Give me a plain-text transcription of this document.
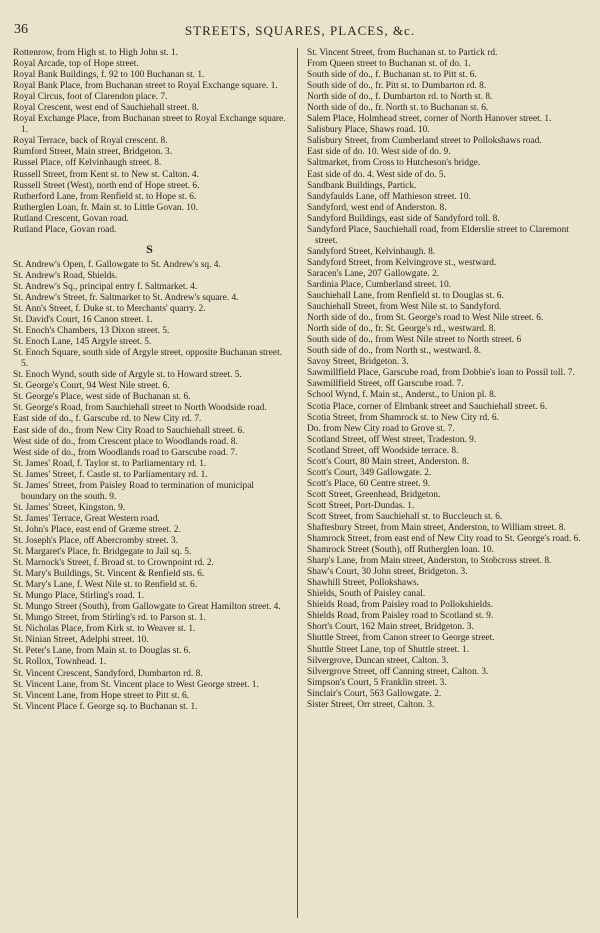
36	STREETS, SQUARES, PLACES, &c.
Rottenrow, from High st. to High John st. 1.
Royal Arcade, top of Hope street.
Royal Bank Buildings, f. 92 to 100 Buchanan st. 1.
Royal Bank Place, from Buchanan street to Royal Exchange square. 1.
Royal Circus, foot of Clarendon place. 7.
Royal Crescent, west end of Sauchiehall street. 8.
Royal Exchange Place, from Buchanan street to Royal Exchange square. 1.
Royal Terrace, back of Royal crescent. 8.
Rumford Street, Main street, Bridgeton. 3.
Russel Place, off Kelvinhaugh street. 8.
Russell Street, from Kent st. to New st. Calton. 4.
Russell Street (West), north end of Hope street. 6.
Rutherford Lane, from Renfield st. to Hope st. 6.
Rutherglen Loan, fr. Main st. to Little Govan. 10.
Rutland Crescent, Govan road.
Rutland Place, Govan road.
S
St. Andrew's Open, f. Gallowgate to St. Andrew's sq. 4.
St. Andrew's Road, Shields.
St. Andrew's Sq., principal entry f. Saltmarket. 4.
St. Andrew's Street, fr. Saltmarket to St. Andrew's square. 4.
St. Ann's Street, f. Duke st. to Merchants' quarry. 2.
St. David's Court, 16 Canon street. 1.
St. Enoch's Chambers, 13 Dixon street. 5.
St. Enoch Lane, 145 Argyle street. 5.
St. Enoch Square, south side of Argyle street, opposite Buchanan street. 5.
St. Enoch Wynd, south side of Argyle st. to Howard street. 5.
St. George's Court, 94 West Nile street. 6.
St. George's Place, west side of Buchanan st. 6.
St. George's Road, from Sauchiehall street to North Woodside road.
East side of do., f. Garscube rd. to New City rd. 7.
East side of do., from New City Road to Sauchiehall street. 6.
West side of do., from Crescent place to Woodlands road. 8.
West side of do., from Woodlands road to Garscube road. 7.
St. James' Road, f. Taylor st. to Parliamentary rd. 1.
St. James' Street, f. Castle st. to Parliamentary rd. 1.
St. James' Street, from Paisley Road to termination of municipal boundary on the south. 9.
St. James' Street, Kingston. 9.
St. James' Terrace, Great Western road.
St. John's Place, east end of Græme street. 2.
St. Joseph's Place, off Abercromby street. 3.
St. Margaret's Place, fr. Bridgegate to Jail sq. 5.
St. Marnock's Street, f. Broad st. to Crownpoint rd. 2.
St. Mary's Buildings, St. Vincent & Renfield sts. 6.
St. Mary's Lane, f. West Nile st. to Renfield st. 6.
St. Mungo Place, Stirling's road. 1.
St. Mungo Street (South), from Gallowgate to Great Hamilton street. 4.
St. Mungo Street, from Stirling's rd. to Parson st. 1.
St. Nicholas Place, from Kirk st. to Weaver st. 1.
St. Ninian Street, Adelphi street. 10.
St. Peter's Lane, from Main st. to Douglas st. 6.
St. Rollox, Townhead. 1.
St. Vincent Crescent, Sandyford, Dumbarton rd. 8.
St. Vincent Lane, from St. Vincent place to West George street. 1.
St. Vincent Lane, from Hope street to Pitt st. 6.
St. Vincent Place f. George sq. to Buchanan st. 1.
St. Vincent Street, from Buchanan st. to Partick rd.
From Queen street to Buchanan st. of do. 1.
South side of do., f. Buchanan st. to Pitt st. 6.
South side of do., fr. Pitt st. to Dumbarton rd. 8.
North side of do., f. Dumbarton rd. to North st. 8.
North side of do., fr. North st. to Buchanan st. 6.
Salem Place, Holmhead street, corner of North Hanover street. 1.
Salisbury Place, Shaws road. 10.
Salisbury Street, from Cumberland street to Pollokshaws road.
East side of do. 10. West side of do. 9.
Saltmarket, from Cross to Hutcheson's bridge.
East side of do. 4. West side of do. 5.
Sandbank Buildings, Partick.
Sandyfaulds Lane, off Mathieson street. 10.
Sandyford, west end of Anderston. 8.
Sandyford Buildings, east side of Sandyford toll. 8.
Sandyford Place, Sauchiehall road, from Elderslie street to Claremont street.
Sandyford Street, Kelvinhaugh. 8.
Sandyford Street, from Kelvingrove st., westward.
Saracen's Lane, 207 Gallowgate. 2.
Sardinia Place, Cumberland street. 10.
Sauchiehall Lane, from Renfield st. to Douglas st. 6.
Sauchiehall Street, from West Nile st. to Sandyford.
North side of do., from St. George's road to West Nile street. 6.
North side of do., fr. St. George's rd., westward. 8.
South side of do., from West Nile street to North street. 6
South side of do., from North st., westward. 8.
Savoy Street, Bridgeton. 3.
Sawmillfield Place, Garscube road, from Dobbie's loan to Possil toll. 7.
Sawmillfield Street, off Garscube road. 7.
School Wynd, f. Main st., Anderst., to Union pl. 8.
Scotia Place, corner of Elmbank street and Sauchiehall street. 6.
Scotia Street, from Shamrock st. to New City rd. 6.
Do. from New City road to Grove st. 7.
Scotland Street, off West street, Tradeston. 9.
Scotland Street, off Woodside terrace. 8.
Scott's Court, 80 Main street, Anderston. 8.
Scott's Court, 349 Gallowgate. 2.
Scott's Place, 60 Centre street. 9.
Scott Street, Greenhead, Bridgeton.
Scott Street, Port-Dundas. 1.
Scott Street, from Sauchiehall st. to Buccleuch st. 6.
Shaftesbury Street, from Main street, Anderston, to William street. 8.
Shamrock Street, from east end of New City road to St. George's road. 6.
Shamrock Street (South), off Rutherglen loan. 10.
Sharp's Lane, from Main street, Anderston, to Stobcross street. 8.
Shaw's Court, 30 John street, Bridgeton. 3.
Shawhill Street, Pollokshaws.
Shields, South of Paisley canal.
Shields Road, from Paisley road to Pollokshields.
Shields Road, from Paisley road to Scotland st. 9.
Short's Court, 162 Main street, Bridgeton. 3.
Shuttle Street, from Canon street to George street.
Shuttle Street Lane, top of Shuttle street. 1.
Silvergrove, Duncan street, Calton. 3.
Silvergrove Street, off Canning street, Calton. 3.
Simpson's Court, 5 Franklin street. 3.
Sinclair's Court, 563 Gallowgate. 2.
Sister Street, Orr street, Calton. 3.
